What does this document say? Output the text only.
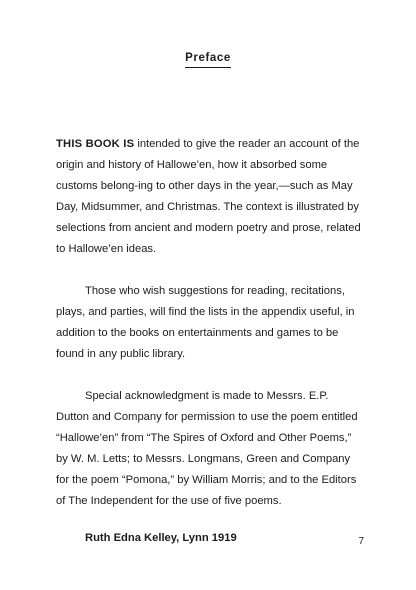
Preface

THIS BOOK IS intended to give the reader an account of the origin and history of Hallowe’en, how it absorbed some customs belong-ing to other days in the year,—such as May Day, Midsummer, and Christmas. The context is illustrated by selections from ancient and modern poetry and prose, related to Hallowe’en ideas.

Those who wish suggestions for reading, recitations, plays, and parties, will find the lists in the appendix useful, in addition to the books on entertainments and games to be found in any public library.

Special acknowledgment is made to Messrs. E.P. Dutton and Company for permission to use the poem entitled “Hallowe’en” from “The Spires of Oxford and Other Poems,” by W. M. Letts; to Messrs. Longmans, Green and Company for the poem “Pomona,” by William Morris; and to the Editors of The Independent for the use of five poems.

Ruth Edna Kelley, Lynn 1919	7
